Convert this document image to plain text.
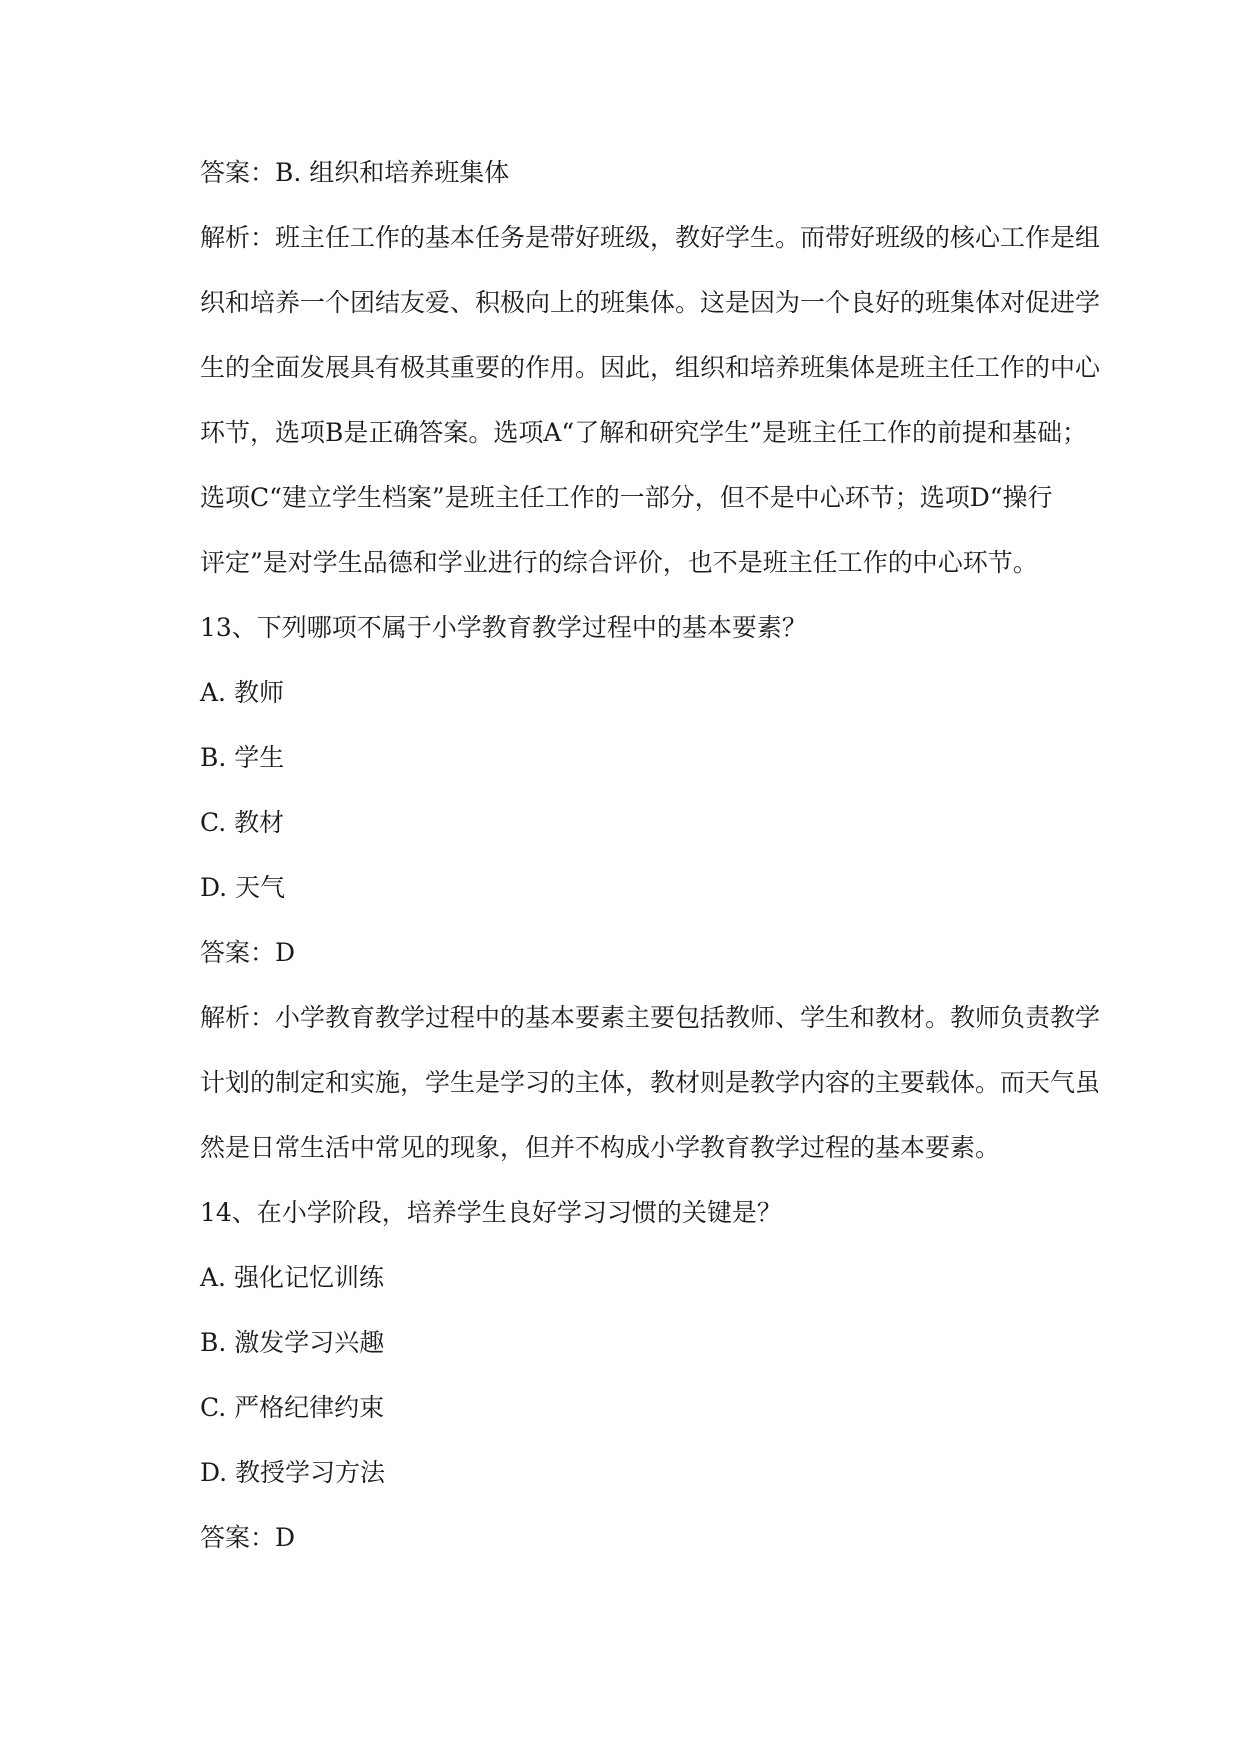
答案：B. 组织和培养班集体
解析：班主任工作的基本任务是带好班级，教好学生。而带好班级的核心工作是组
织和培养一个团结友爱、积极向上的班集体。这是因为一个良好的班集体对促进学
生的全面发展具有极其重要的作用。因此，组织和培养班集体是班主任工作的中心
环节，选项B是正确答案。选项A“了解和研究学生”是班主任工作的前提和基础；
选项C“建立学生档案”是班主任工作的一部分，但不是中心环节；选项D“操行
评定”是对学生品德和学业进行的综合评价，也不是班主任工作的中心环节。
13、下列哪项不属于小学教育教学过程中的基本要素？
A. 教师
B. 学生
C. 教材
D. 天气
答案：D
解析：小学教育教学过程中的基本要素主要包括教师、学生和教材。教师负责教学
计划的制定和实施，学生是学习的主体，教材则是教学内容的主要载体。而天气虽
然是日常生活中常见的现象，但并不构成小学教育教学过程的基本要素。
14、在小学阶段，培养学生良好学习习惯的关键是？
A. 强化记忆训练
B. 激发学习兴趣
C. 严格纪律约束
D. 教授学习方法
答案：D
